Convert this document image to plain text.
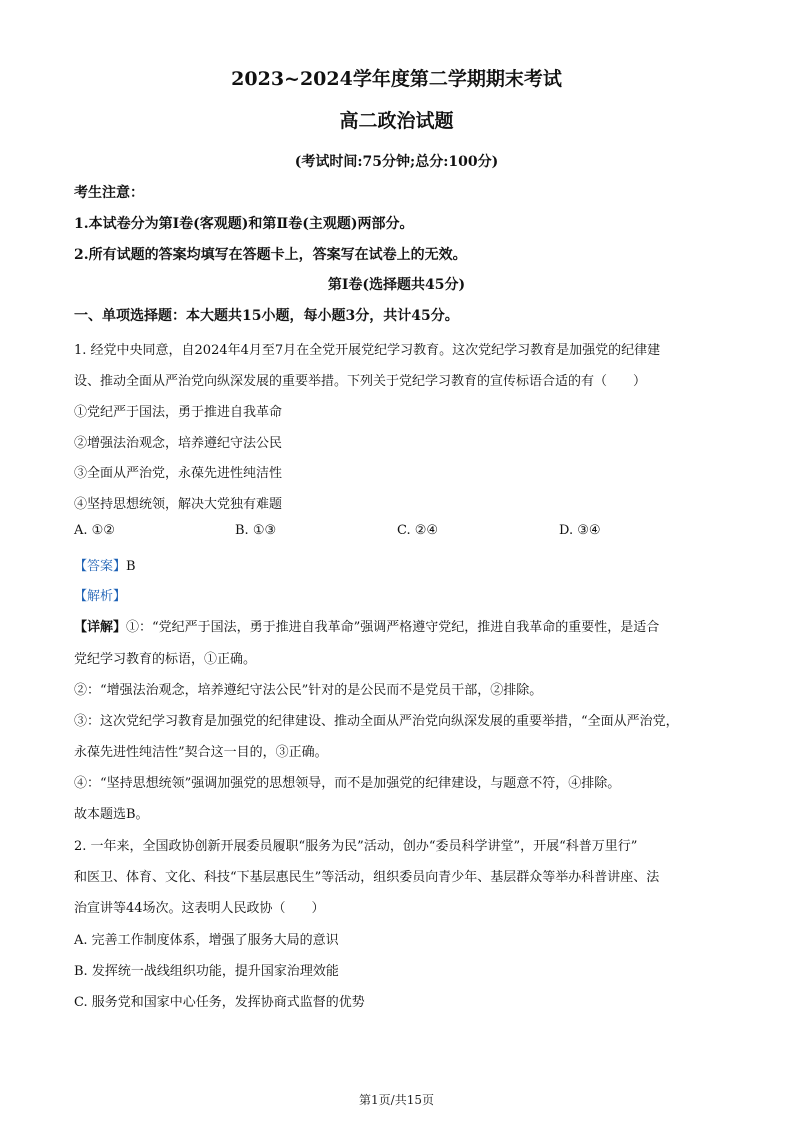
2023~2024学年度第二学期期末考试
高二政治试题
(考试时间:75分钟;总分:100分)
考生注意：
1.本试卷分为第Ⅰ卷(客观题)和第Ⅱ卷(主观题)两部分。
2.所有试题的答案均填写在答题卡上，答案写在试卷上的无效。
第Ⅰ卷(选择题共45分)
一、单项选择题：本大题共15小题，每小题3分，共计45分。
1. 经党中央同意，自2024年4月至7月在全党开展党纪学习教育。这次党纪学习教育是加强党的纪律建
设、推动全面从严治党向纵深发展的重要举措。下列关于党纪学习教育的宣传标语合适的有（　　）
①党纪严于国法，勇于推进自我革命
②增强法治观念，培养遵纪守法公民
③全面从严治党，永葆先进性纯洁性
④坚持思想统领，解决大党独有难题
A. ①②	B. ①③	C. ②④	D. ③④
【答案】B
【解析】
【详解】①：“党纪严于国法，勇于推进自我革命”强调严格遵守党纪，推进自我革命的重要性，是适合
党纪学习教育的标语，①正确。
②：“增强法治观念，培养遵纪守法公民”针对的是公民而不是党员干部，②排除。
③：这次党纪学习教育是加强党的纪律建设、推动全面从严治党向纵深发展的重要举措，“全面从严治党，
永葆先进性纯洁性”契合这一目的，③正确。
④：“坚持思想统领”强调加强党的思想领导，而不是加强党的纪律建设，与题意不符，④排除。
故本题选B。
2. 一年来，全国政协创新开展委员履职“服务为民”活动，创办“委员科学讲堂”，开展“科普万里行”
和医卫、体育、文化、科技“下基层惠民生”等活动，组织委员向青少年、基层群众等举办科普讲座、法
治宣讲等44场次。这表明人民政协（　　）
A. 完善工作制度体系，增强了服务大局的意识
B. 发挥统一战线组织功能，提升国家治理效能
C. 服务党和国家中心任务，发挥协商式监督的优势
第1页/共15页
